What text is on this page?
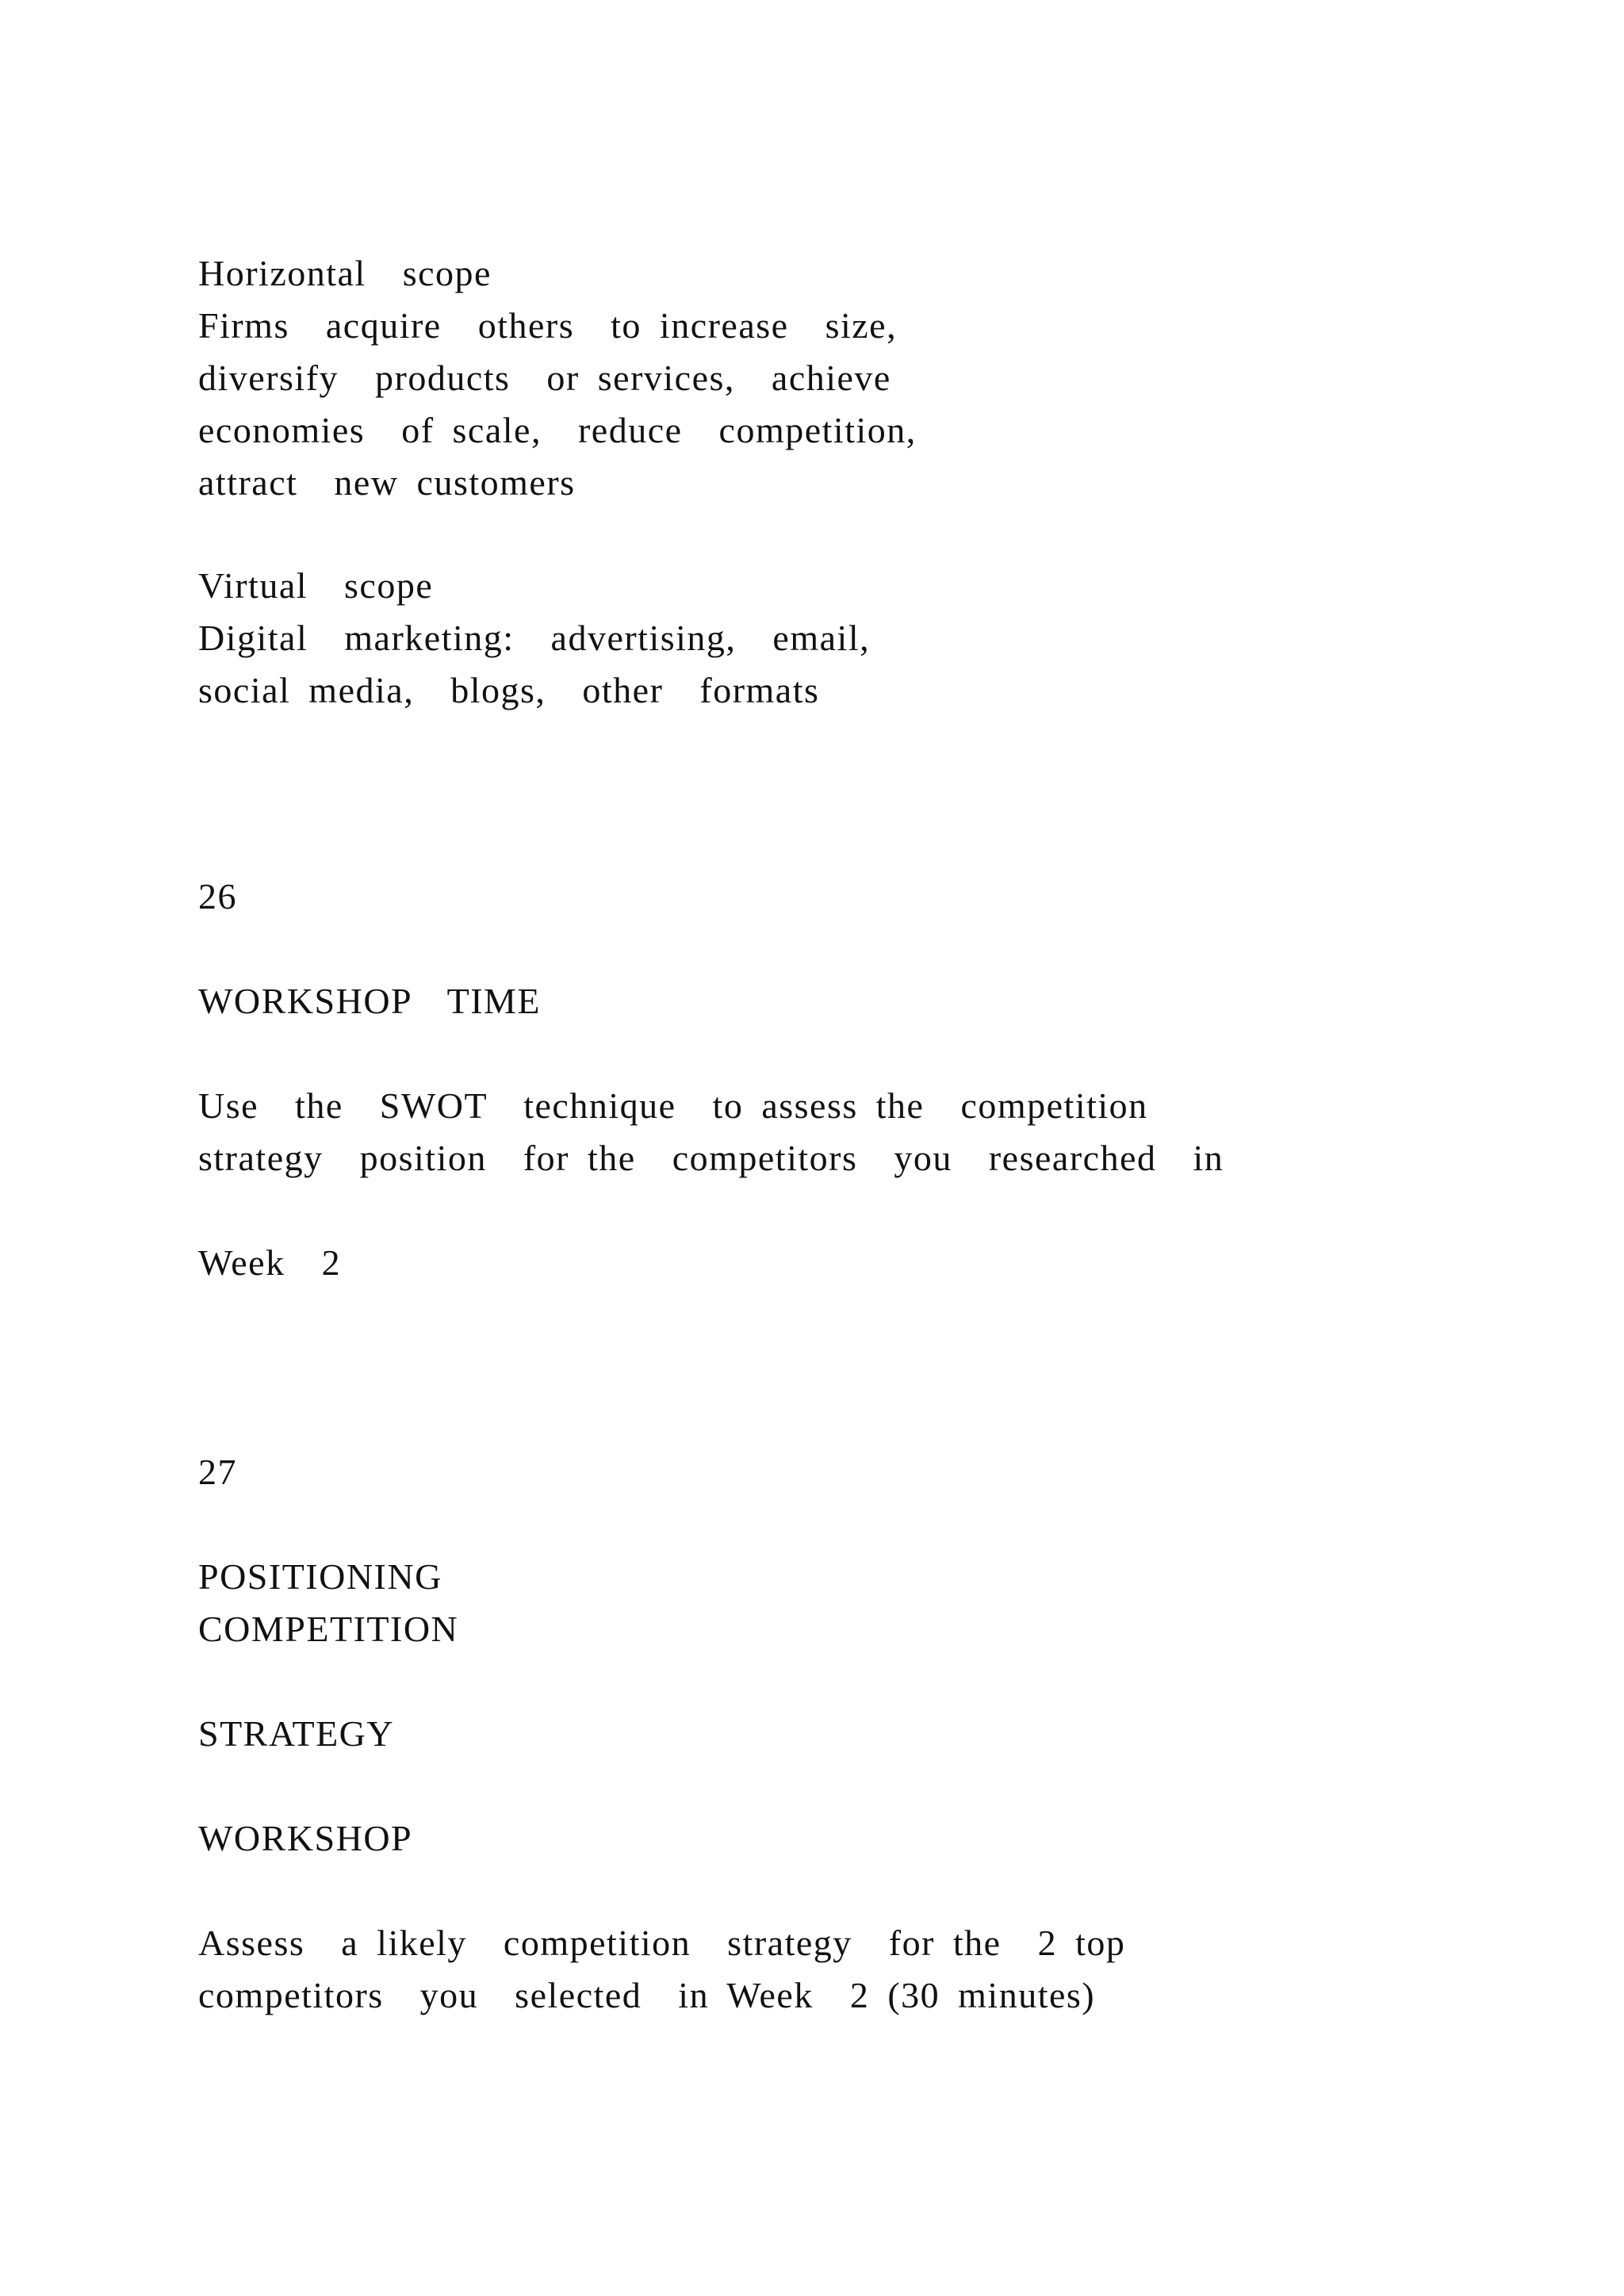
Horizontal  scope

Firms  acquire  others  to increase  size,

diversify  products  or services,  achieve

economies  of scale,  reduce  competition,

attract  new customers

Virtual  scope

Digital  marketing:  advertising,  email,

social media,  blogs,  other  formats

26

WORKSHOP  TIME

Use  the  SWOT  technique  to assess the  competition

strategy  position  for the  competitors  you  researched  in

Week  2

27

POSITIONING

COMPETITION

STRATEGY

WORKSHOP

Assess  a likely  competition  strategy  for the  2 top

competitors  you  selected  in Week  2 (30 minutes)
